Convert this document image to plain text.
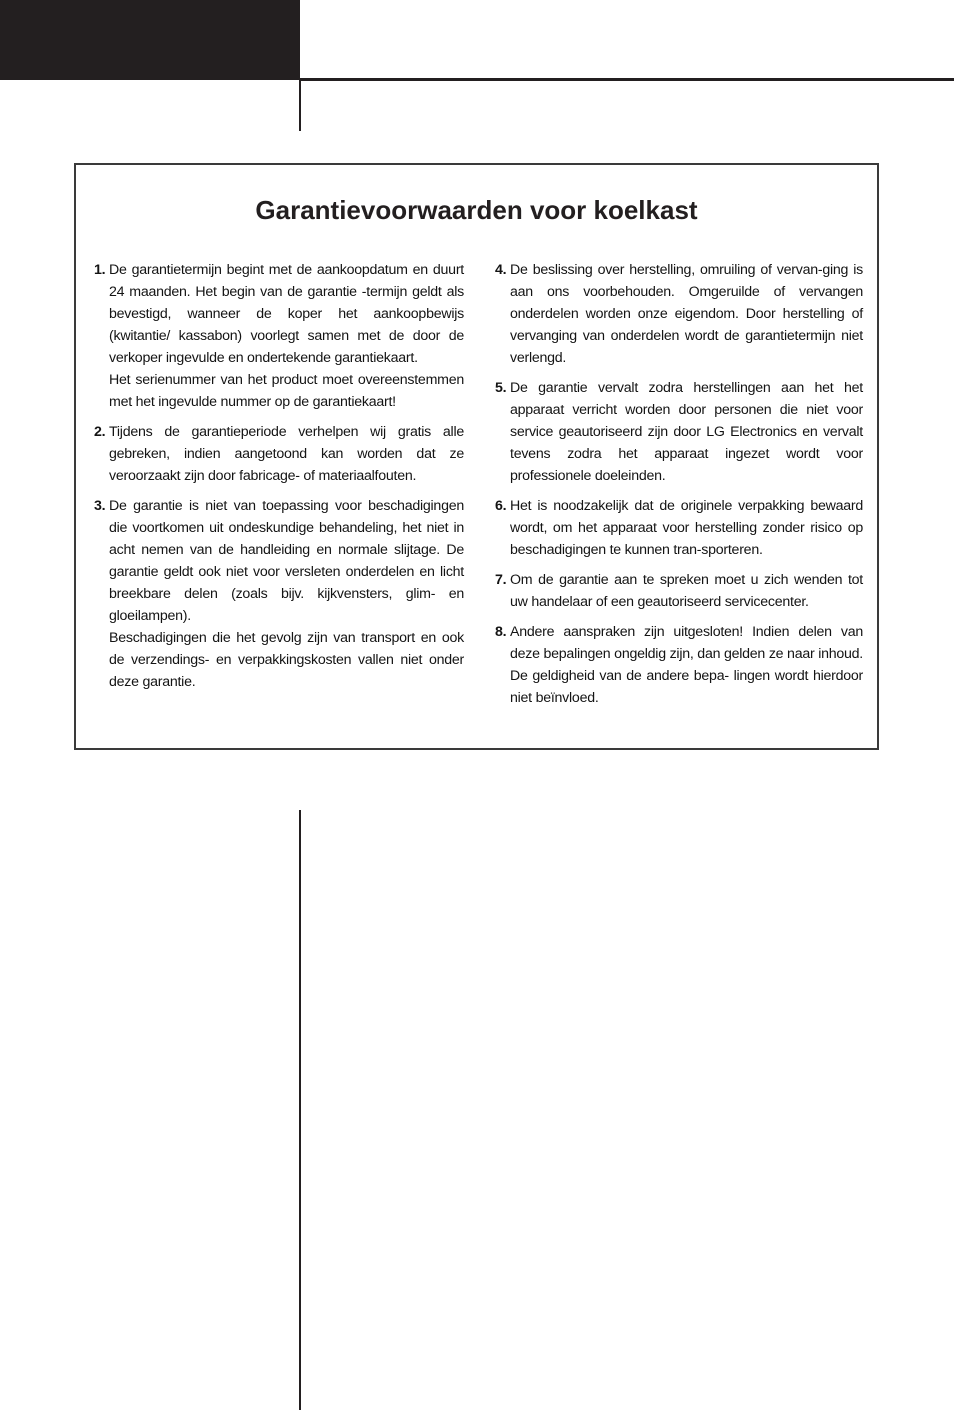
Garantievoorwaarden voor koelkast
1. De garantietermijn begint met de aankoopdatum en duurt 24 maanden. Het begin van de garantie -termijn geldt als bevestigd, wanneer de koper het aankoopbewijs (kwitantie/ kassabon) voorlegt samen met de door de verkoper ingevulde en ondertekende garantiekaart.
Het serienummer van het product moet overeenstemmen met het ingevulde nummer op de garantiekaart!
2. Tijdens de garantieperiode verhelpen wij gratis alle gebreken, indien aangetoond kan worden dat ze veroorzaakt zijn door fabricage- of materiaalfouten.
3. De garantie is niet van toepassing voor beschadigingen die voortkomen uit ondeskundige behandeling, het niet in acht nemen van de handleiding en normale slijtage. De garantie geldt ook niet voor versleten onderdelen en licht breekbare delen (zoals bijv. kijkvensters, glim- en gloeilampen).
Beschadigingen die het gevolg zijn van transport en ook de verzendings- en verpakkingskosten vallen niet onder deze garantie.
4. De beslissing over herstelling, omruiling of vervan-ging is aan ons voorbehouden. Omgeruilde of vervangen onderdelen worden onze eigendom. Door herstelling of vervanging van onderdelen wordt de garantietermijn niet verlengd.
5. De garantie vervalt zodra herstellingen aan het het apparaat verricht worden door personen die niet voor service geautoriseerd zijn door LG Electronics en vervalt tevens zodra het apparaat ingezet wordt voor professionele doeleinden.
6. Het is noodzakelijk dat de originele verpakking bewaard wordt, om het apparaat voor herstelling zonder risico op beschadigingen te kunnen tran-sporteren.
7. Om de garantie aan te spreken moet u zich wenden tot uw handelaar of een geautoriseerd servicecenter.
8. Andere aanspraken zijn uitgesloten! Indien delen van deze bepalingen ongeldig zijn, dan gelden ze naar inhoud. De geldigheid van de andere bepa- lingen wordt hierdoor niet beïnvloed.
